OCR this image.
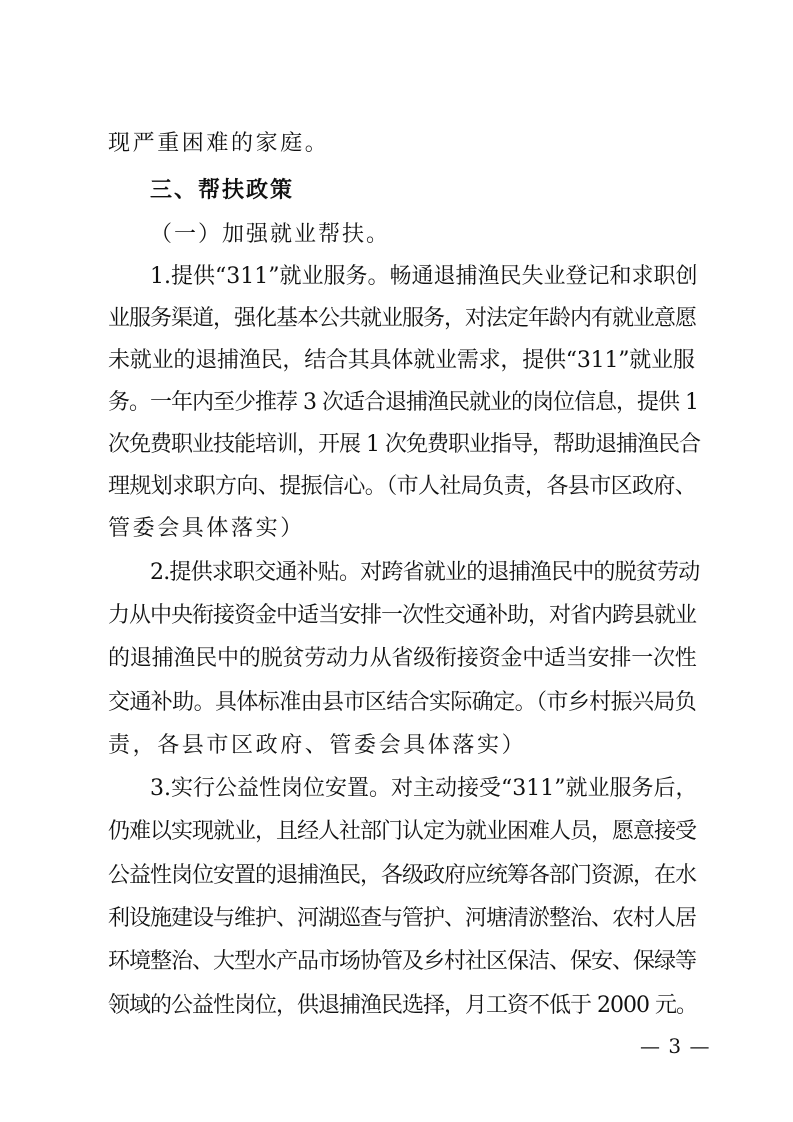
现严重困难的家庭。
三、帮扶政策
（一）加强就业帮扶。
1.提供“311”就业服务。畅通退捕渔民失业登记和求职创
业服务渠道，强化基本公共就业服务，对法定年龄内有就业意愿
未就业的退捕渔民，结合其具体就业需求，提供“311”就业服
务。一年内至少推荐 3 次适合退捕渔民就业的岗位信息，提供 1
次免费职业技能培训，开展 1 次免费职业指导，帮助退捕渔民合
理规划求职方向、提振信心。（市人社局负责，各县市区政府、
管委会具体落实）
2.提供求职交通补贴。对跨省就业的退捕渔民中的脱贫劳动
力从中央衔接资金中适当安排一次性交通补助，对省内跨县就业
的退捕渔民中的脱贫劳动力从省级衔接资金中适当安排一次性
交通补助。具体标准由县市区结合实际确定。（市乡村振兴局负
责，各县市区政府、管委会具体落实）
3.实行公益性岗位安置。对主动接受“311”就业服务后，
仍难以实现就业，且经人社部门认定为就业困难人员，愿意接受
公益性岗位安置的退捕渔民，各级政府应统筹各部门资源，在水
利设施建设与维护、河湖巡查与管护、河塘清淤整治、农村人居
环境整治、大型水产品市场协管及乡村社区保洁、保安、保绿等
领域的公益性岗位，供退捕渔民选择，月工资不低于 2000 元。
— 3 —
